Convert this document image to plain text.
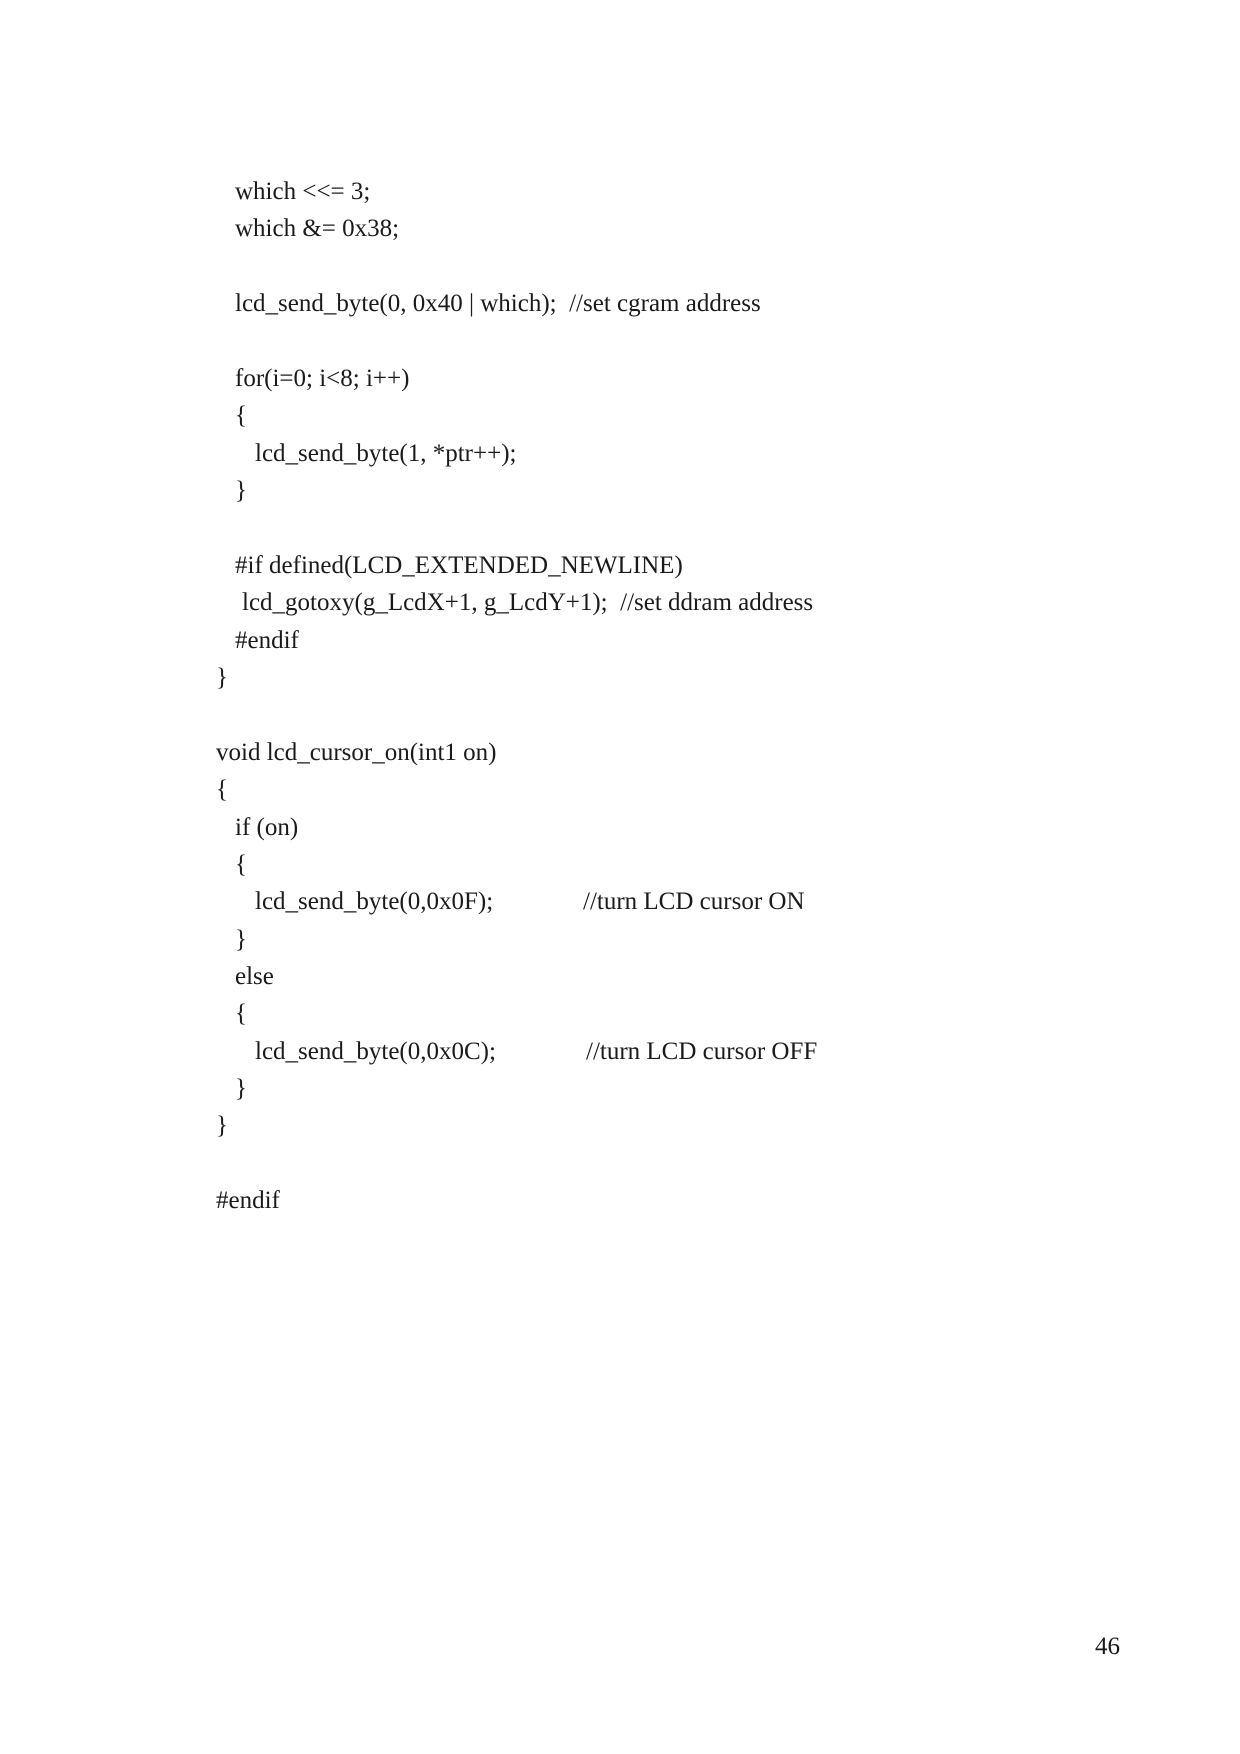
which <<= 3;
which &= 0x38;
lcd_send_byte(0, 0x40 | which);  //set cgram address
for(i=0; i<8; i++)
{
lcd_send_byte(1, *ptr++);
}
#if defined(LCD_EXTENDED_NEWLINE)
lcd_gotoxy(g_LcdX+1, g_LcdY+1);  //set ddram address
#endif
}
void lcd_cursor_on(int1 on)
{
if (on)
{
lcd_send_byte(0,0x0F);	//turn LCD cursor ON
}
else
{
lcd_send_byte(0,0x0C);	//turn LCD cursor OFF
}
}
#endif
46
